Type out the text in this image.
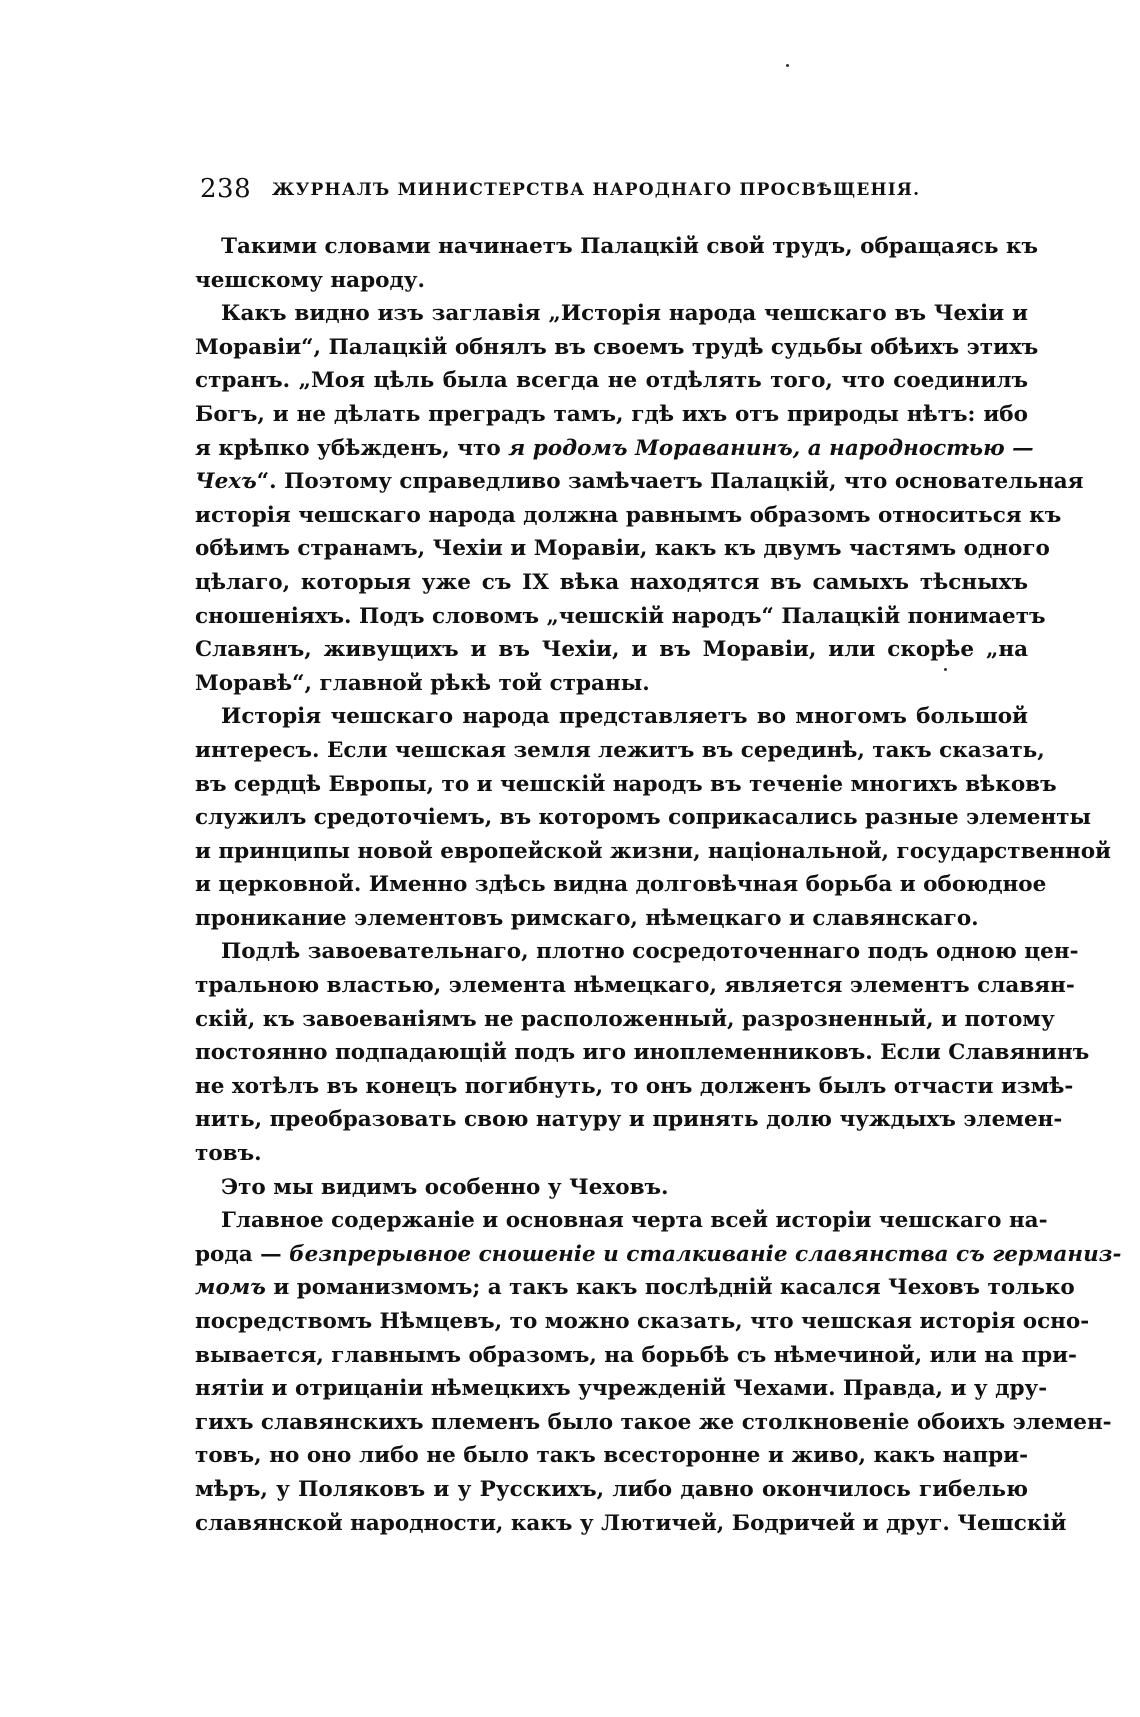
238 ЖУРНАЛЪ МИНИСТЕРСТВА НАРОДНАГО ПРОСВѢЩЕНІЯ.

Такими словами начинаетъ Палацкій свой трудъ, обращаясь къ
чешскому народу.

Какъ видно изъ заглавія „Исторія народа чешскаго въ Чехіи и
Моравіи“, Палацкій обнялъ въ своемъ трудѣ судьбы обѣихъ этихъ
странъ. „Моя цѣль была всегда не отдѣлять того, что соединилъ
Богъ, и не дѣлать преградъ тамъ, гдѣ ихъ отъ природы нѣтъ: ибо
я крѣпко убѣжденъ, что я родомъ Мораванинъ, а народностью —
Чехъ“. Поэтому справедливо замѣчаетъ Палацкій, что основательная
исторія чешскаго народа должна равнымъ образомъ относиться къ
обѣимъ странамъ, Чехіи и Моравіи, какъ къ двумъ частямъ одного
цѣлаго, которыя уже съ IX вѣка находятся въ самыхъ тѣсныхъ
сношеніяхъ. Подъ словомъ „чешскій народъ“ Палацкій понимаетъ
Славянъ, живущихъ и въ Чехіи, и въ Моравіи, или скорѣе „на
Моравѣ“, главной рѣкѣ той страны.

Исторія чешскаго народа представляетъ во многомъ большой
интересъ. Если чешская земля лежитъ въ серединѣ, такъ сказать,
въ сердцѣ Европы, то и чешскій народъ въ теченіе многихъ вѣковъ
служилъ средоточіемъ, въ которомъ соприкасались разные элементы
и принципы новой европейской жизни, національной, государственной
и церковной. Именно здѣсь видна долговѣчная борьба и обоюдное
проникание элементовъ римскаго, нѣмецкаго и славянскаго.

Подлѣ завоевательнаго, плотно сосредоточеннаго подъ одною цен-
тральною властью, элемента нѣмецкаго, является элементъ славян-
скій, къ завоеваніямъ не расположенный, разрозненный, и потому
постоянно подпадающій подъ иго иноплеменниковъ. Если Славянинъ
не хотѣлъ въ конецъ погибнуть, то онъ долженъ былъ отчасти измѣ-
нить, преобразовать свою натуру и принять долю чуждыхъ элемен-
товъ.

Это мы видимъ особенно у Чеховъ.

Главное содержаніе и основная черта всей исторіи чешскаго на-
рода — безпрерывное сношеніе и сталкиваніе славянства съ германиз-
момъ и романизмомъ; а такъ какъ послѣдній касался Чеховъ только
посредствомъ Нѣмцевъ, то можно сказать, что чешская исторія осно-
вывается, главнымъ образомъ, на борьбѣ съ нѣмечиной, или на при-
нятіи и отрицаніи нѣмецкихъ учрежденій Чехами. Правда, и у дру-
гихъ славянскихъ племенъ было такое же столкновеніе обоихъ элемен-
товъ, но оно либо не было такъ всесторонне и живо, какъ напри-
мѣръ, у Поляковъ и у Русскихъ, либо давно окончилось гибелью
славянской народности, какъ у Лютичей, Бодричей и друг. Чешскій
